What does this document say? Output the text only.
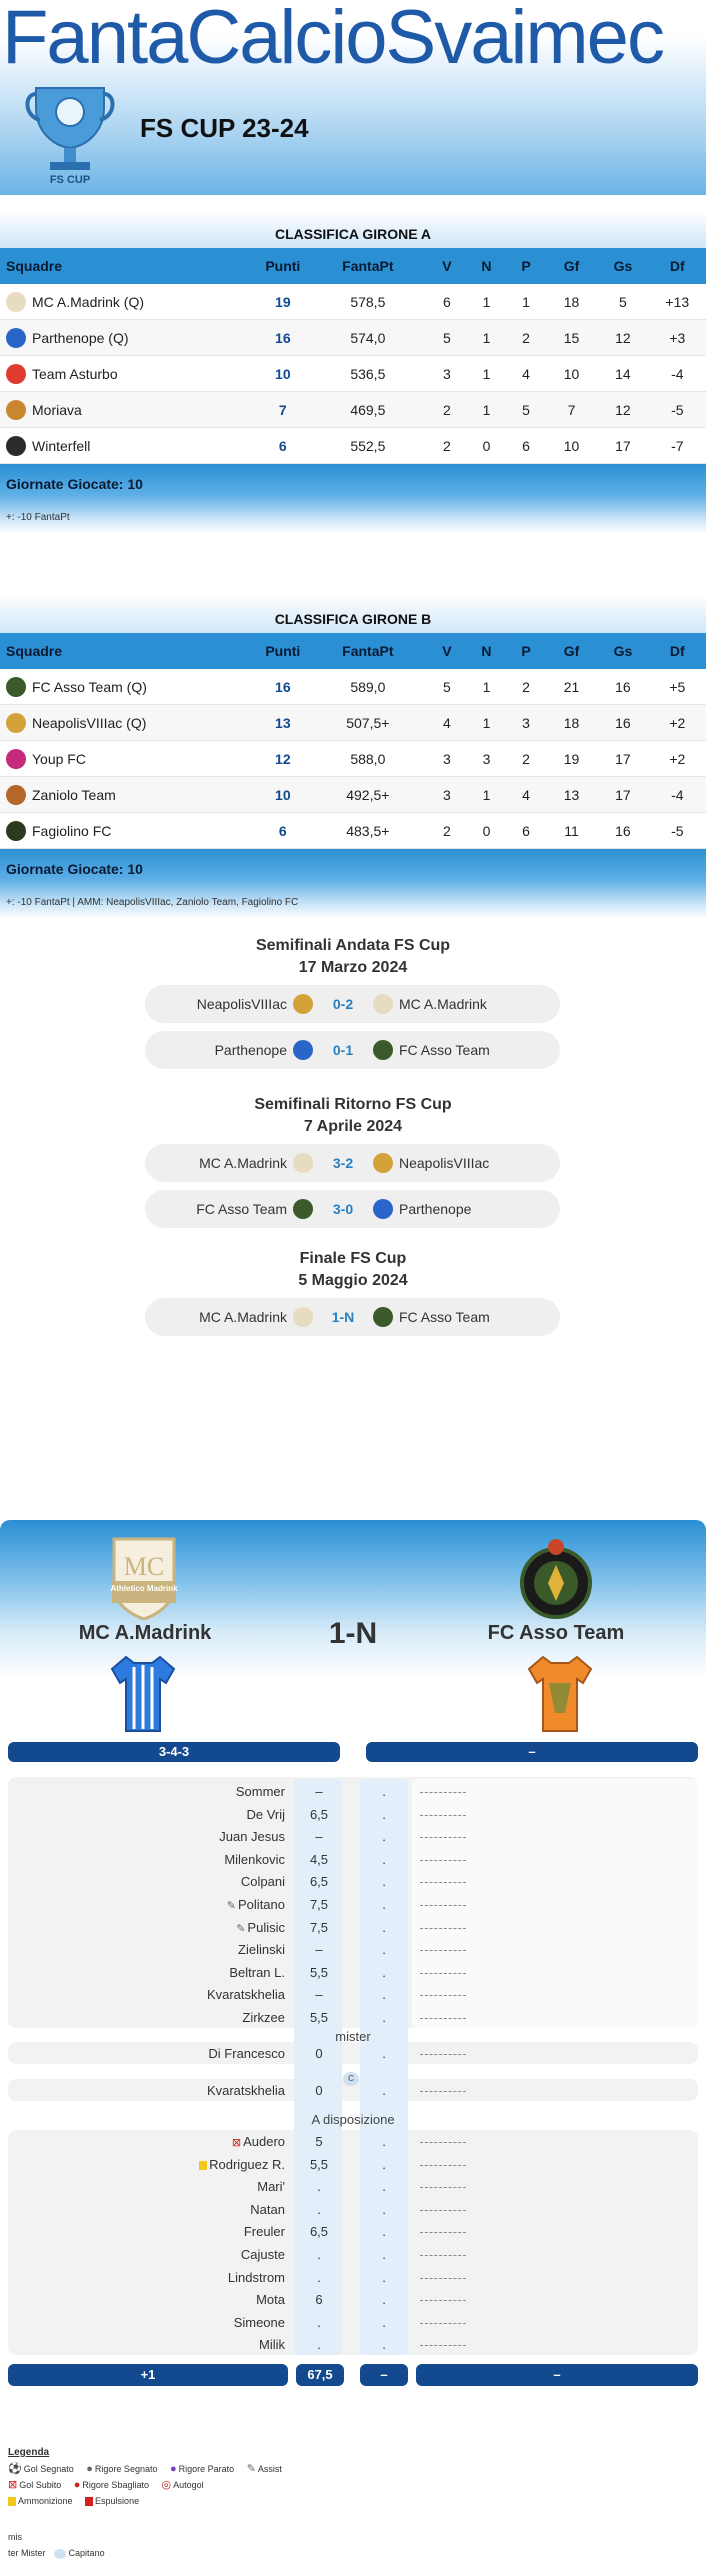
FantaCalcioSvaimec
FS CUP
FS CUP 23-24
CLASSIFICA GIRONE A
Squadre	Punti	FantaPt	V	N	P	Gf	Gs	Df
MC A.Madrink (Q)	19	578,5	6	1	1	18	5	+13
Parthenope (Q)	16	574,0	5	1	2	15	12	+3
Team Asturbo	10	536,5	3	1	4	10	14	-4
Moriava	7	469,5	2	1	5	7	12	-5
Winterfell	6	552,5	2	0	6	10	17	-7
Giornate Giocate: 10
+: -10 FantaPt
CLASSIFICA GIRONE B
Squadre	Punti	FantaPt	V	N	P	Gf	Gs	Df
FC Asso Team (Q)	16	589,0	5	1	2	21	16	+5
NeapolisVIIIac (Q)	13	507,5+	4	1	3	18	16	+2
Youp FC	12	588,0	3	3	2	19	17	+2
Zaniolo Team	10	492,5+	3	1	4	13	17	-4
Fagiolino FC	6	483,5+	2	0	6	11	16	-5
Giornate Giocate: 10
+: -10 FantaPt | AMM: NeapolisVIIIac, Zaniolo Team, Fagiolino FC
Semifinali Andata FS Cup
17 Marzo 2024
Semifinali Ritorno FS Cup
7 Aprile 2024
Finale FS Cup
5 Maggio 2024
NeapolisVIIIac	0-2	MC A.Madrink
Parthenope	0-1	FC Asso Team
MC A.Madrink	3-2	NeapolisVIIIac
FC Asso Team	3-0	Parthenope
MC A.Madrink	1-N	FC Asso Team
MC
Athletico Madrink
MC A.Madrink	1-N	FC Asso Team
3-4-3	–
Sommer	–	.
De Vrij	6,5	.
Juan Jesus	–	.
Milenkovic	4,5	.
Colpani	6,5	.
✎ Politano	7,5	.
✎ Pulisic	7,5	.
Zielinski	–	.
Beltran L.	5,5	.
Kvaratskhelia	–	.
Zirkzee	5,5	.
Di Francesco	0	.
Kvaratskhelia	0	.
⊠ Audero	5	.
Rodriguez R.	5,5	.
Mari'	.	.
Natan	.	.
Freuler	6,5	.
Cajuste	.	.
Lindstrom	.	.
Mota	6	.
Simeone	.	.
Milik	.	.
mister
C
A disposizione
+1	67,5	–	–
Legenda
⚽ Gol Segnato ● Rigore Segnato ● Rigore Parato ✎ Assist
⊠ Gol Subito ● Rigore Sbagliato ◎ Autogol
Ammonizione	Espulsione
mis
ter Mister	Capitano
